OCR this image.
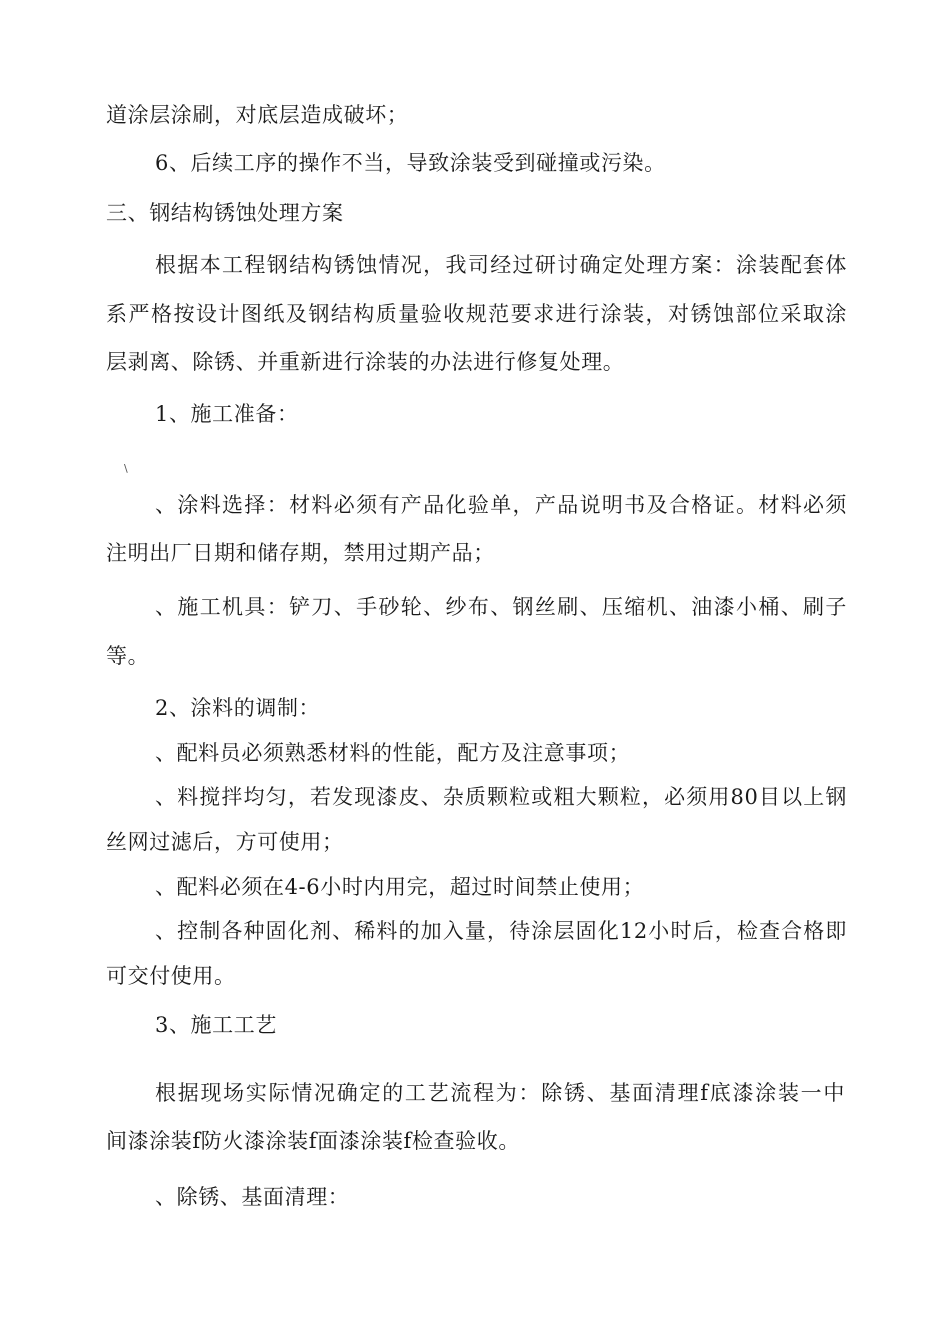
道涂层涂刷，对底层造成破坏；
6、后续工序的操作不当，导致涂装受到碰撞或污染。
三、钢结构锈蚀处理方案
根据本工程钢结构锈蚀情况，我司经过研讨确定处理方案：涂装配套体
系严格按设计图纸及钢结构质量验收规范要求进行涂装，对锈蚀部位采取涂
层剥离、除锈、并重新进行涂装的办法进行修复处理。
1、施工准备：
\
、涂料选择：材料必须有产品化验单，产品说明书及合格证。材料必须
注明出厂日期和储存期，禁用过期产品；
、施工机具：铲刀、手砂轮、纱布、钢丝刷、压缩机、油漆小桶、刷子
等。
2、涂料的调制：
、配料员必须熟悉材料的性能，配方及注意事项；
、料搅拌均匀，若发现漆皮、杂质颗粒或粗大颗粒，必须用80目以上钢
丝网过滤后，方可使用；
、配料必须在4-6小时内用完，超过时间禁止使用；
、控制各种固化剂、稀料的加入量，待涂层固化12小时后，检查合格即
可交付使用。
3、施工工艺
根据现场实际情况确定的工艺流程为：除锈、基面清理f底漆涂装一中
间漆涂装f防火漆涂装f面漆涂装f检查验收。
、除锈、基面清理：
